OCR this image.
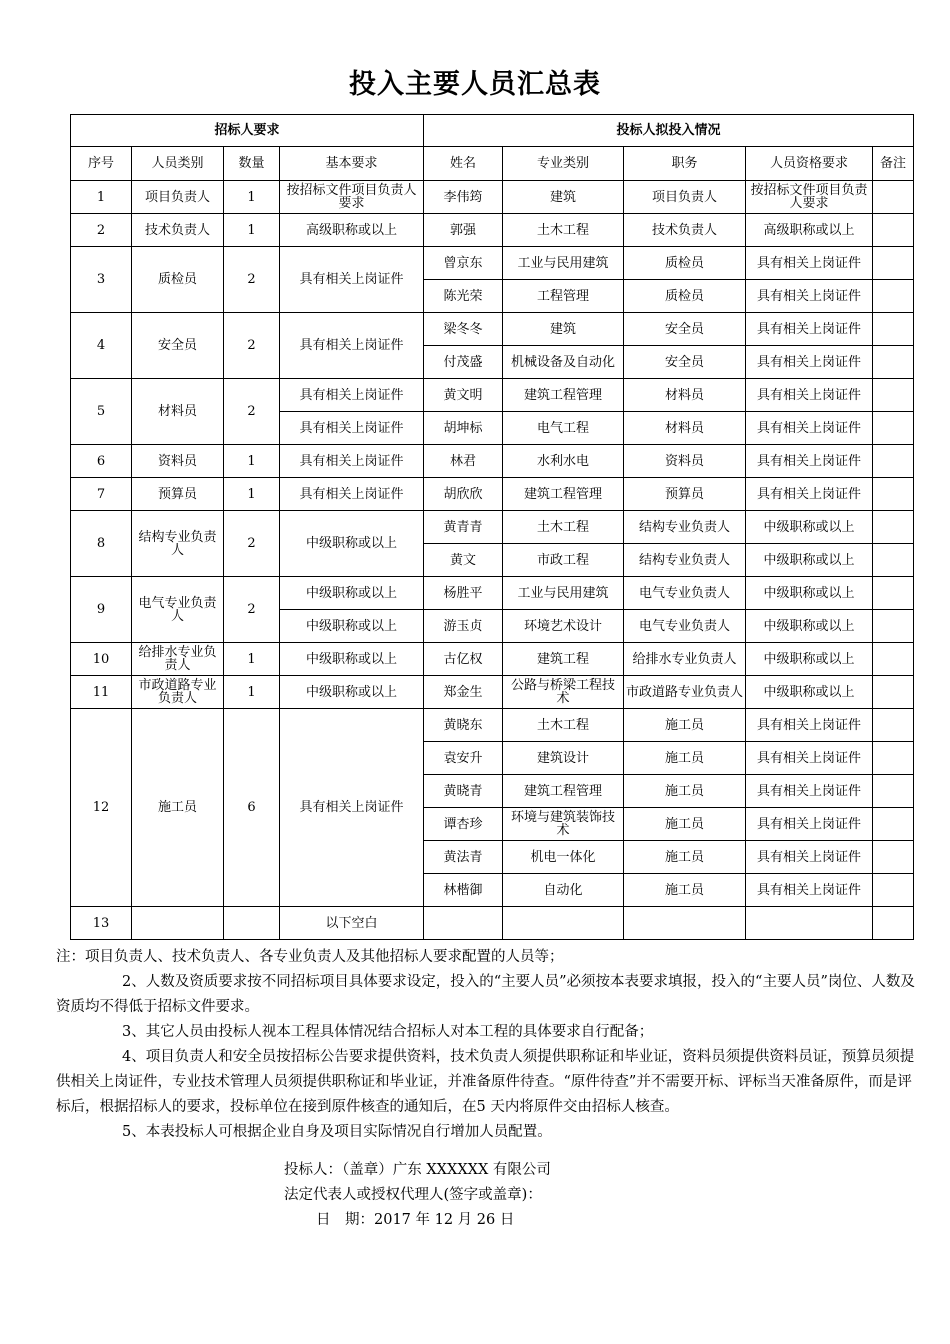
投入主要人员汇总表
招标人要求				投标人拟投入情况				
序号	人员类别	数量	基本要求	姓名	专业类别	职务	人员资格要求	备注
1	项目负责人	1	按招标文件项目负责人要求	李伟筠	建筑	项目负责人	按招标文件项目负责人要求	
2	技术负责人	1	高级职称或以上	郭强	土木工程	技术负责人	高级职称或以上	
3	质检员	2	具有相关上岗证件	曾京东	工业与民用建筑	质检员	具有相关上岗证件	
				陈光荣	工程管理	质检员	具有相关上岗证件	
4	安全员	2	具有相关上岗证件	梁冬冬	建筑	安全员	具有相关上岗证件	
				付茂盛	机械设备及自动化	安全员	具有相关上岗证件	
5	材料员	2	具有相关上岗证件	黄文明	建筑工程管理	材料员	具有相关上岗证件	
			具有相关上岗证件	胡坤标	电气工程	材料员	具有相关上岗证件	
6	资料员	1	具有相关上岗证件	林君	水利水电	资料员	具有相关上岗证件	
7	预算员	1	具有相关上岗证件	胡欣欣	建筑工程管理	预算员	具有相关上岗证件	
8	结构专业负责人	2	中级职称或以上	黄青青	土木工程	结构专业负责人	中级职称或以上	
				黄文	市政工程	结构专业负责人	中级职称或以上	
9	电气专业负责人	2	中级职称或以上	杨胜平	工业与民用建筑	电气专业负责人	中级职称或以上	
			中级职称或以上	游玉贞	环境艺术设计	电气专业负责人	中级职称或以上	
10	给排水专业负责人	1	中级职称或以上	古亿权	建筑工程	给排水专业负责人	中级职称或以上	
11	市政道路专业负责人	1	中级职称或以上	郑金生	公路与桥梁工程技术	市政道路专业负责人	中级职称或以上	
12	施工员	6	具有相关上岗证件	黄晓东	土木工程	施工员	具有相关上岗证件	
				袁安升	建筑设计	施工员	具有相关上岗证件	
				黄晓青	建筑工程管理	施工员	具有相关上岗证件	
				谭杏珍	环境与建筑装饰技术	施工员	具有相关上岗证件	
				黄法青	机电一体化	施工员	具有相关上岗证件	
				林楷御	自动化	施工员	具有相关上岗证件	
13			以下空白					

注：项目负责人、技术负责人、各专业负责人及其他招标人要求配置的人员等；

2、人数及资质要求按不同招标项目具体要求设定，投入的“主要人员”必须按本表要求填报，投入的“主要人员”岗位、人数及资质均不得低于招标文件要求。

3、其它人员由投标人视本工程具体情况结合招标人对本工程的具体要求自行配备；

4、项目负责人和安全员按招标公告要求提供资料，技术负责人须提供职称证和毕业证，资料员须提供资料员证，预算员须提供相关上岗证件，专业技术管理人员须提供职称证和毕业证，并准备原件待查。“原件待查”并不需要开标、评标当天准备原件，而是评标后，根据招标人的要求，投标单位在接到原件核查的通知后，在5 天内将原件交由招标人核查。

5、本表投标人可根据企业自身及项目实际情况自行增加人员配置。

投标人：（盖章）广东 XXXXXX 有限公司
法定代表人或授权代理人(签字或盖章)：
日　期：2017 年 12 月 26 日
